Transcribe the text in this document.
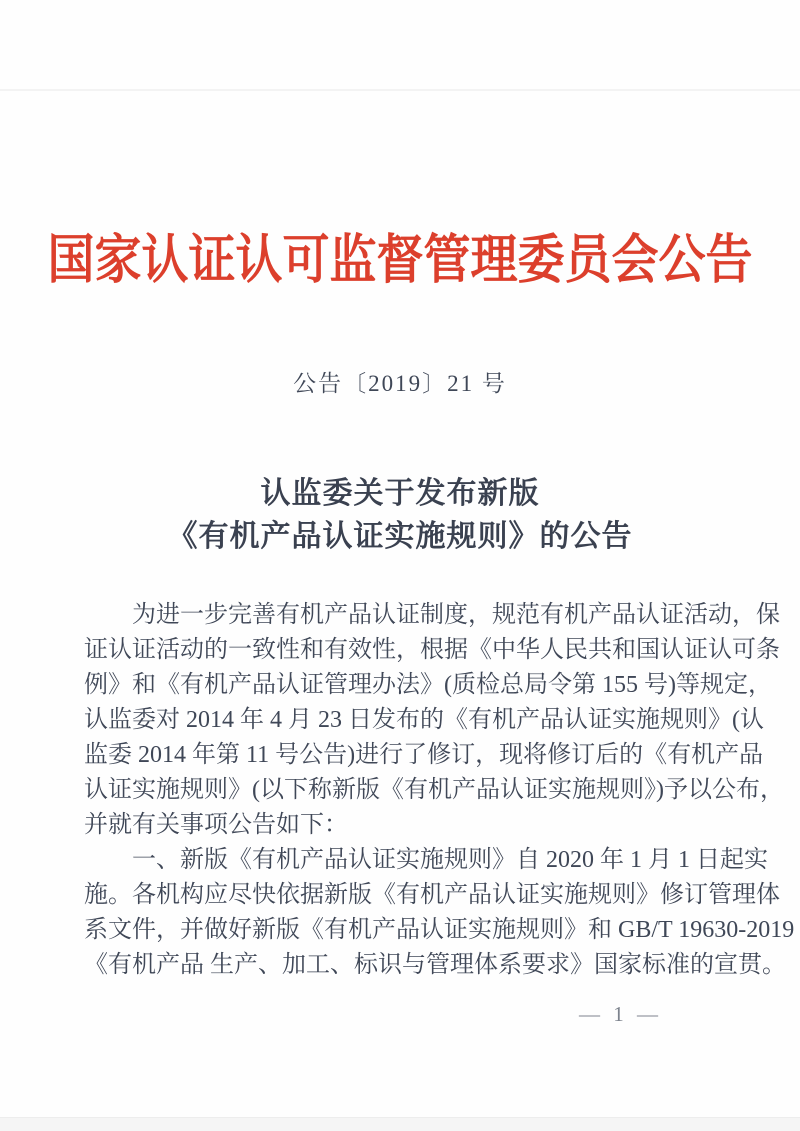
国家认证认可监督管理委员会公告
公告〔2019〕21 号
认监委关于发布新版
《有机产品认证实施规则》的公告
为进一步完善有机产品认证制度，规范有机产品认证活动，保
证认证活动的一致性和有效性，根据《中华人民共和国认证认可条
例》和《有机产品认证管理办法》(质检总局令第 155 号)等规定，
认监委对 2014 年 4 月 23 日发布的《有机产品认证实施规则》(认
监委 2014 年第 11 号公告)进行了修订，现将修订后的《有机产品
认证实施规则》(以下称新版《有机产品认证实施规则》)予以公布，
并就有关事项公告如下：
一、新版《有机产品认证实施规则》自 2020 年 1 月 1 日起实
施。各机构应尽快依据新版《有机产品认证实施规则》修订管理体
系文件，并做好新版《有机产品认证实施规则》和 GB/T 19630-2019
《有机产品 生产、加工、标识与管理体系要求》国家标准的宣贯。
— 1 —
